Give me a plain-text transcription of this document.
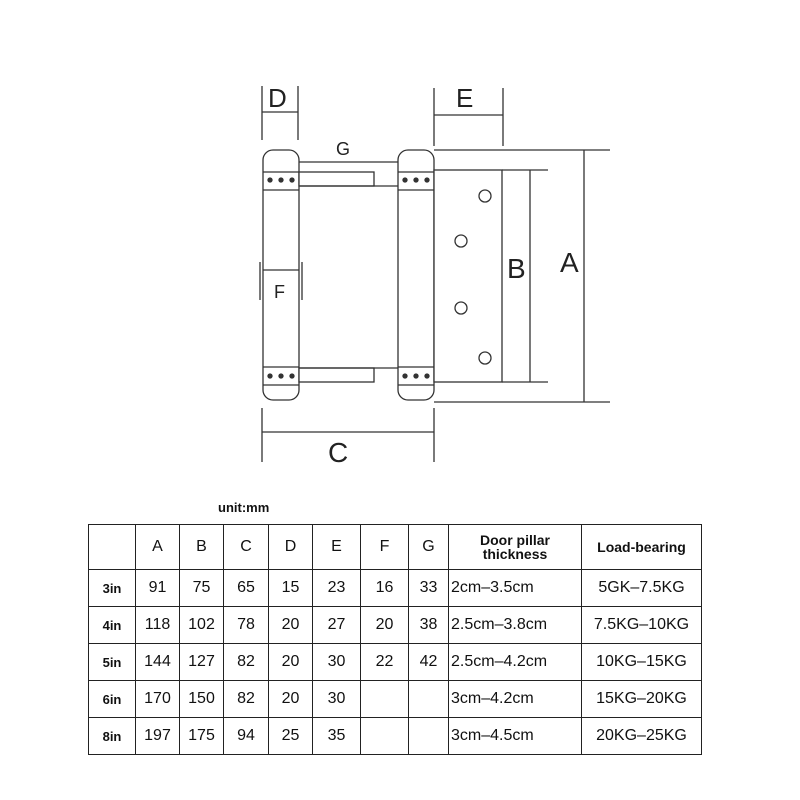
D	E
G
A
B
C
F
unit:mm
	A	B	C	D	E	F	G	Door pillar thickness	Load-bearing
3in	91	75	65	15	23	16	33	2cm–3.5cm	5GK–7.5KG
4in	118	102	78	20	27	20	38	2.5cm–3.8cm	7.5KG–10KG
5in	144	127	82	20	30	22	42	2.5cm–4.2cm	10KG–15KG
6in	170	150	82	20	30			3cm–4.2cm	15KG–20KG
8in	197	175	94	25	35			3cm–4.5cm	20KG–25KG
